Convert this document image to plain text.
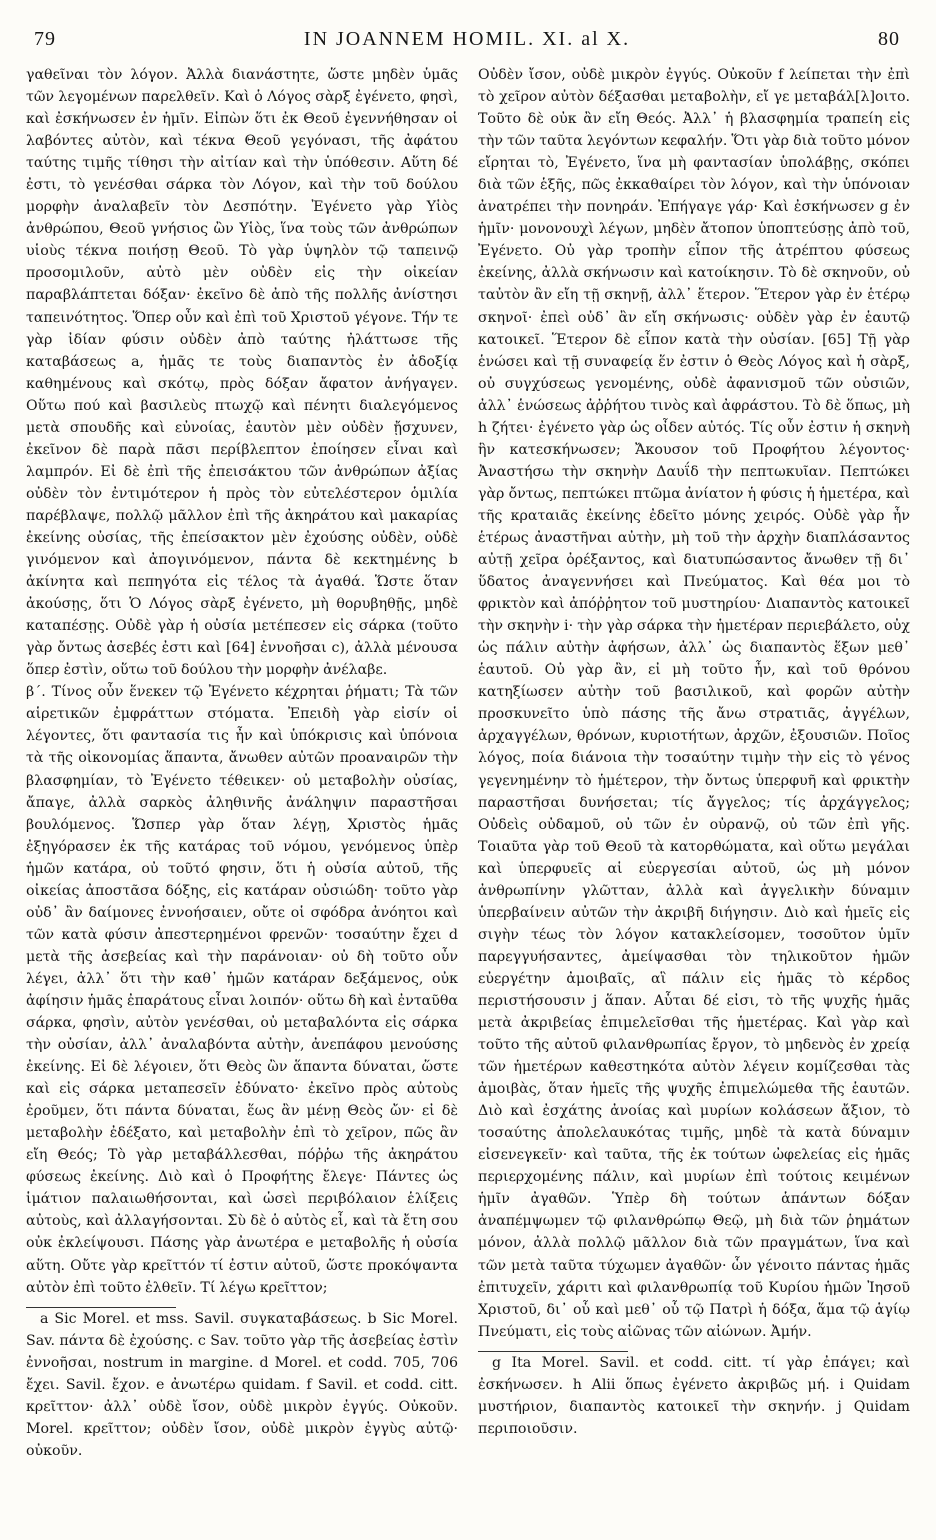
79	IN JOANNEM HOMIL. XI. al X.	80

γαθεῖναι τὸν λόγον. Ἀλλὰ διανάστητε, ὥστε μηδὲν ὑμᾶς τῶν λεγομένων παρελθεῖν. Καὶ ὁ Λόγος σὰρξ ἐγένετο, φησὶ, καὶ ἐσκήνωσεν ἐν ἡμῖν. Εἰπὼν ὅτι ἐκ Θεοῦ ἐγεννήθησαν οἱ λαβόντες αὐτὸν, καὶ τέκνα Θεοῦ γεγόνασι, τῆς ἀφάτου ταύτης τιμῆς τίθησι τὴν αἰτίαν καὶ τὴν ὑπόθεσιν. Αὕτη δέ ἐστι, τὸ γενέσθαι σάρκα τὸν Λόγον, καὶ τὴν τοῦ δούλου μορφὴν ἀναλαβεῖν τὸν Δεσπότην. Ἐγένετο γὰρ Υἱὸς ἀνθρώπου, Θεοῦ γνήσιος ὢν Υἱὸς, ἵνα τοὺς τῶν ἀνθρώπων υἱοὺς τέκνα ποιήσῃ Θεοῦ. Τὸ γὰρ ὑψηλὸν τῷ ταπεινῷ προσομιλοῦν, αὐτὸ μὲν οὐδὲν εἰς τὴν οἰκείαν παραβλάπτεται δόξαν· ἐκεῖνο δὲ ἀπὸ τῆς πολλῆς ἀνίστησι ταπεινότητος. Ὅπερ οὖν καὶ ἐπὶ τοῦ Χριστοῦ γέγονε. Τήν τε γὰρ ἰδίαν φύσιν οὐδὲν ἀπὸ ταύτης ἠλάττωσε τῆς καταβάσεως a, ἡμᾶς τε τοὺς διαπαντὸς ἐν ἀδοξίᾳ καθημένους καὶ σκότῳ, πρὸς δόξαν ἄφατον ἀνήγαγεν. Οὕτω πού καὶ βασιλεὺς πτωχῷ καὶ πένητι διαλεγόμενος μετὰ σπουδῆς καὶ εὐνοίας, ἑαυτὸν μὲν οὐδὲν ᾔσχυνεν, ἐκεῖνον δὲ παρὰ πᾶσι περίβλεπτον ἐποίησεν εἶναι καὶ λαμπρόν. Εἰ δὲ ἐπὶ τῆς ἐπεισάκτου τῶν ἀνθρώπων ἀξίας οὐδὲν τὸν ἐντιμότερον ἡ πρὸς τὸν εὐτελέστερον ὁμιλία παρέβλαψε, πολλῷ μᾶλλον ἐπὶ τῆς ἀκηράτου καὶ μακαρίας ἐκείνης οὐσίας, τῆς ἐπείσακτον μὲν ἐχούσης οὐδὲν, οὐδὲ γινόμενον καὶ ἀπογινόμενον, πάντα δὲ κεκτημένης b ἀκίνητα καὶ πεπηγότα εἰς τέλος τὰ ἀγαθά. Ὥστε ὅταν ἀκούσῃς, ὅτι Ὁ Λόγος σὰρξ ἐγένετο, μὴ θορυβηθῇς, μηδὲ καταπέσῃς. Οὐδὲ γὰρ ἡ οὐσία μετέπεσεν εἰς σάρκα (τοῦτο γὰρ ὄντως ἀσεβές ἐστι καὶ [64] ἐννοῆσαι c), ἀλλὰ μένουσα ὅπερ ἐστὶν, οὕτω τοῦ δούλου τὴν μορφὴν ἀνέλαβε.

β΄. Τίνος οὖν ἕνεκεν τῷ Ἐγένετο κέχρηται ῥήματι; Τὰ τῶν αἱρετικῶν ἐμφράττων στόματα. Ἐπειδὴ γὰρ εἰσίν οἱ λέγοντες, ὅτι φαντασία τις ἦν καὶ ὑπόκρισις καὶ ὑπόνοια τὰ τῆς οἰκονομίας ἅπαντα, ἄνωθεν αὐτῶν προαναιρῶν τὴν βλασφημίαν, τὸ Ἐγένετο τέθεικεν· οὐ μεταβολὴν οὐσίας, ἄπαγε, ἀλλὰ σαρκὸς ἀληθινῆς ἀνάληψιν παραστῆσαι βουλόμενος. Ὥσπερ γὰρ ὅταν λέγῃ, Χριστὸς ἡμᾶς ἐξηγόρασεν ἐκ τῆς κατάρας τοῦ νόμου, γενόμενος ὑπὲρ ἡμῶν κατάρα, οὐ τοῦτό φησιν, ὅτι ἡ οὐσία αὐτοῦ, τῆς οἰκείας ἀποστᾶσα δόξης, εἰς κατάραν οὐσιώδη· τοῦτο γὰρ οὐδ᾽ ἂν δαίμονες ἐννοήσαιεν, οὔτε οἱ σφόδρα ἀνόητοι καὶ τῶν κατὰ φύσιν ἀπεστερημένοι φρενῶν· τοσαύτην ἔχει d μετὰ τῆς ἀσεβείας καὶ τὴν παράνοιαν· οὐ δὴ τοῦτο οὖν λέγει, ἀλλ᾽ ὅτι τὴν καθ᾽ ἡμῶν κατάραν δεξάμενος, οὐκ ἀφίησιν ἡμᾶς ἐπαράτους εἶναι λοιπόν· οὕτω δὴ καὶ ἐνταῦθα σάρκα, φησὶν, αὐτὸν γενέσθαι, οὐ μεταβαλόντα εἰς σάρκα τὴν οὐσίαν, ἀλλ᾽ ἀναλαβόντα αὐτὴν, ἀνεπάφου μενούσης ἐκείνης. Εἰ δὲ λέγοιεν, ὅτι Θεὸς ὢν ἅπαντα δύναται, ὥστε καὶ εἰς σάρκα μεταπεσεῖν ἐδύνατο· ἐκεῖνο πρὸς αὐτοὺς ἐροῦμεν, ὅτι πάντα δύναται, ἕως ἂν μένῃ Θεὸς ὤν· εἰ δὲ μεταβολὴν ἐδέξατο, καὶ μεταβολὴν ἐπὶ τὸ χεῖρον, πῶς ἂν εἴη Θεός; Τὸ γὰρ μεταβάλλεσθαι, πόῤῥω τῆς ἀκηράτου φύσεως ἐκείνης. Διὸ καὶ ὁ Προφήτης ἔλεγε· Πάντες ὡς ἱμάτιον παλαιωθήσονται, καὶ ὡσεὶ περιβόλαιον ἑλίξεις αὐτοὺς, καὶ ἀλλαγήσονται. Σὺ δὲ ὁ αὐτὸς εἶ, καὶ τὰ ἔτη σου οὐκ ἐκλείψουσι. Πάσης γὰρ ἀνωτέρα e μεταβολῆς ἡ οὐσία αὕτη. Οὔτε γὰρ κρεῖττόν τί ἐστιν αὐτοῦ, ὥστε προκόψαντα αὐτὸν ἐπὶ τοῦτο ἐλθεῖν. Τί λέγω κρεῖττον;

a Sic Morel. et mss. Savil. συγκαταβάσεως. b Sic Morel. Sav. πάντα δὲ ἐχούσης. c Sav. τοῦτο γὰρ τῆς ἀσεβείας ἐστὶν ἐννοῆσαι, nostrum in margine. d Morel. et codd. 705, 706 ἔχει. Savil. ἔχον. e ἀνωτέρω quidam. f Savil. et codd. citt. κρεῖττον· ἀλλ᾽ οὐδὲ ἴσον, οὐδὲ μικρὸν ἐγγύς. Οὐκοῦν. Morel. κρεῖττον; οὐδὲν ἴσον, οὐδὲ μικρὸν ἐγγὺς αὐτῷ· οὐκοῦν.

Οὐδὲν ἴσον, οὐδὲ μικρὸν ἐγγύς. Οὐκοῦν f λείπεται τὴν ἐπὶ τὸ χεῖρον αὐτὸν δέξασθαι μεταβολὴν, εἴ γε μεταβάλ[λ]οιτο. Τοῦτο δὲ οὐκ ἂν εἴη Θεός. Ἀλλ᾽ ἡ βλασφημία τραπείη εἰς τὴν τῶν ταῦτα λεγόντων κεφαλήν. Ὅτι γὰρ διὰ τοῦτο μόνον εἴρηται τὸ, Ἐγένετο, ἵνα μὴ φαντασίαν ὑπολάβῃς, σκόπει διὰ τῶν ἑξῆς, πῶς ἐκκαθαίρει τὸν λόγον, καὶ τὴν ὑπόνοιαν ἀνατρέπει τὴν πονηράν. Ἐπήγαγε γάρ· Καὶ ἐσκήνωσεν g ἐν ἡμῖν· μονονουχὶ λέγων, μηδὲν ἄτοπον ὑποπτεύσῃς ἀπὸ τοῦ, Ἐγένετο. Οὐ γὰρ τροπὴν εἶπον τῆς ἀτρέπτου φύσεως ἐκείνης, ἀλλὰ σκήνωσιν καὶ κατοίκησιν. Τὸ δὲ σκηνοῦν, οὐ ταὐτὸν ἂν εἴη τῇ σκηνῇ, ἀλλ᾽ ἕτερον. Ἕτερον γὰρ ἐν ἑτέρῳ σκηνοῖ· ἐπεὶ οὐδ᾽ ἂν εἴη σκήνωσις· οὐδὲν γὰρ ἐν ἑαυτῷ κατοικεῖ. Ἕτερον δὲ εἶπον κατὰ τὴν οὐσίαν. [65] Τῇ γὰρ ἑνώσει καὶ τῇ συναφείᾳ ἕν ἐστιν ὁ Θεὸς Λόγος καὶ ἡ σὰρξ, οὐ συγχύσεως γενομένης, οὐδὲ ἀφανισμοῦ τῶν οὐσιῶν, ἀλλ᾽ ἑνώσεως ἀῤῥήτου τινὸς καὶ ἀφράστου. Τὸ δὲ ὅπως, μὴ h ζήτει· ἐγένετο γὰρ ὡς οἶδεν αὐτός. Τίς οὖν ἐστιν ἡ σκηνὴ ἣν κατεσκήνωσεν; Ἄκουσον τοῦ Προφήτου λέγοντος· Ἀναστήσω τὴν σκηνὴν Δαυΐδ τὴν πεπτωκυῖαν. Πεπτώκει γὰρ ὄντως, πεπτώκει πτῶμα ἀνίατον ἡ φύσις ἡ ἡμετέρα, καὶ τῆς κραταιᾶς ἐκείνης ἐδεῖτο μόνης χειρός. Οὐδὲ γὰρ ἦν ἑτέρως ἀναστῆναι αὐτὴν, μὴ τοῦ τὴν ἀρχὴν διαπλάσαντος αὐτῇ χεῖρα ὀρέξαντος, καὶ διατυπώσαντος ἄνωθεν τῇ δι᾽ ὕδατος ἀναγεννήσει καὶ Πνεύματος. Καὶ θέα μοι τὸ φρικτὸν καὶ ἀπόῤῥητον τοῦ μυστηρίου· Διαπαντὸς κατοικεῖ τὴν σκηνὴν i· τὴν γὰρ σάρκα τὴν ἡμετέραν περιεβάλετο, οὐχ ὡς πάλιν αὐτὴν ἀφήσων, ἀλλ᾽ ὡς διαπαντὸς ἕξων μεθ᾽ ἑαυτοῦ. Οὐ γὰρ ἂν, εἰ μὴ τοῦτο ἦν, καὶ τοῦ θρόνου κατηξίωσεν αὐτὴν τοῦ βασιλικοῦ, καὶ φορῶν αὐτὴν προσκυνεῖτο ὑπὸ πάσης τῆς ἄνω στρατιᾶς, ἀγγέλων, ἀρχαγγέλων, θρόνων, κυριοτήτων, ἀρχῶν, ἐξουσιῶν. Ποῖος λόγος, ποία διάνοια τὴν τοσαύτην τιμὴν τὴν εἰς τὸ γένος γεγενημένην τὸ ἡμέτερον, τὴν ὄντως ὑπερφυῆ καὶ φρικτὴν παραστῆσαι δυνήσεται; τίς ἄγγελος; τίς ἀρχάγγελος; Οὐδεὶς οὐδαμοῦ, οὐ τῶν ἐν οὐρανῷ, οὐ τῶν ἐπὶ γῆς. Τοιαῦτα γὰρ τοῦ Θεοῦ τὰ κατορθώματα, καὶ οὕτω μεγάλαι καὶ ὑπερφυεῖς αἱ εὐεργεσίαι αὐτοῦ, ὡς μὴ μόνον ἀνθρωπίνην γλῶτταν, ἀλλὰ καὶ ἀγγελικὴν δύναμιν ὑπερβαίνειν αὐτῶν τὴν ἀκριβῆ διήγησιν. Διὸ καὶ ἡμεῖς εἰς σιγὴν τέως τὸν λόγον κατακλείσομεν, τοσοῦτον ὑμῖν παρεγγυήσαντες, ἀμείψασθαι τὸν τηλικοῦτον ἡμῶν εὐεργέτην ἀμοιβαῖς, αἳ πάλιν εἰς ἡμᾶς τὸ κέρδος περιστήσουσιν j ἅπαν. Αὗται δέ εἰσι, τὸ τῆς ψυχῆς ἡμᾶς μετὰ ἀκριβείας ἐπιμελεῖσθαι τῆς ἡμετέρας. Καὶ γὰρ καὶ τοῦτο τῆς αὐτοῦ φιλανθρωπίας ἔργον, τὸ μηδενὸς ἐν χρείᾳ τῶν ἡμετέρων καθεστηκότα αὐτὸν λέγειν κομίζεσθαι τὰς ἀμοιβὰς, ὅταν ἡμεῖς τῆς ψυχῆς ἐπιμελώμεθα τῆς ἑαυτῶν. Διὸ καὶ ἐσχάτης ἀνοίας καὶ μυρίων κολάσεων ἄξιον, τὸ τοσαύτης ἀπολελαυκότας τιμῆς, μηδὲ τὰ κατὰ δύναμιν εἰσενεγκεῖν· καὶ ταῦτα, τῆς ἐκ τούτων ὠφελείας εἰς ἡμᾶς περιερχομένης πάλιν, καὶ μυρίων ἐπὶ τούτοις κειμένων ἡμῖν ἀγαθῶν. Ὑπὲρ δὴ τούτων ἁπάντων δόξαν ἀναπέμψωμεν τῷ φιλανθρώπῳ Θεῷ, μὴ διὰ τῶν ῥημάτων μόνον, ἀλλὰ πολλῷ μᾶλλον διὰ τῶν πραγμάτων, ἵνα καὶ τῶν μετὰ ταῦτα τύχωμεν ἀγαθῶν· ὧν γένοιτο πάντας ἡμᾶς ἐπιτυχεῖν, χάριτι καὶ φιλανθρωπίᾳ τοῦ Κυρίου ἡμῶν Ἰησοῦ Χριστοῦ, δι᾽ οὗ καὶ μεθ᾽ οὗ τῷ Πατρὶ ἡ δόξα, ἅμα τῷ ἁγίῳ Πνεύματι, εἰς τοὺς αἰῶνας τῶν αἰώνων. Ἀμήν.

g Ita Morel. Savil. et codd. citt. τί γὰρ ἐπάγει; καὶ ἐσκήνωσεν. h Alii ὅπως ἐγένετο ἀκριβῶς μή. i Quidam μυστήριον, διαπαντὸς κατοικεῖ τὴν σκηνήν. j Quidam περιποιοῦσιν.
